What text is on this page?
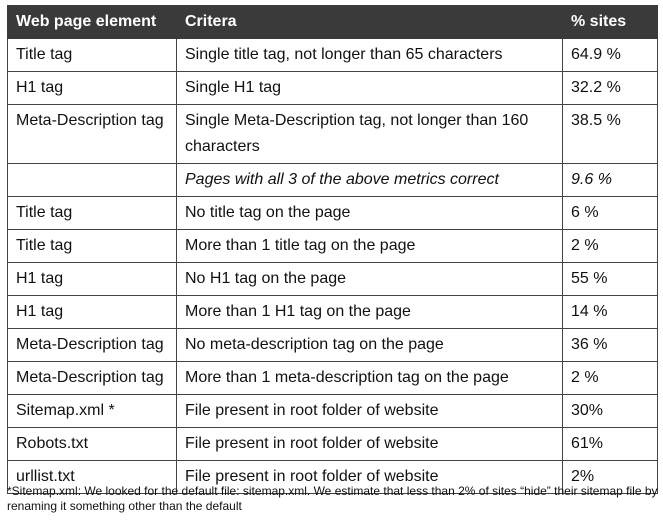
Web page element	Critera	% sites
Title tag	Single title tag, not longer than 65 characters	64.9 %
H1 tag	Single H1 tag	32.2 %
Meta-Description tag	Single Meta-Description tag, not longer than 160 characters	38.5 %
	Pages with all 3 of the above metrics correct	9.6 %
Title tag	No title tag on the page	6 %
Title tag	More than 1 title tag on the page	2 %
H1 tag	No H1 tag on the page	55 %
H1 tag	More than 1 H1 tag on the page	14 %
Meta-Description tag	No meta-description tag on the page	36 %
Meta-Description tag	More than 1 meta-description tag on the page	2 %
Sitemap.xml *	File present in root folder of website	30%
Robots.txt	File present in root folder of website	61%
urllist.txt	File present in root folder of website	2%
*Sitemap.xml: We looked for the default file: sitemap.xml. We estimate that less than 2% of sites “hide” their sitemap file by renaming it something other than the default
